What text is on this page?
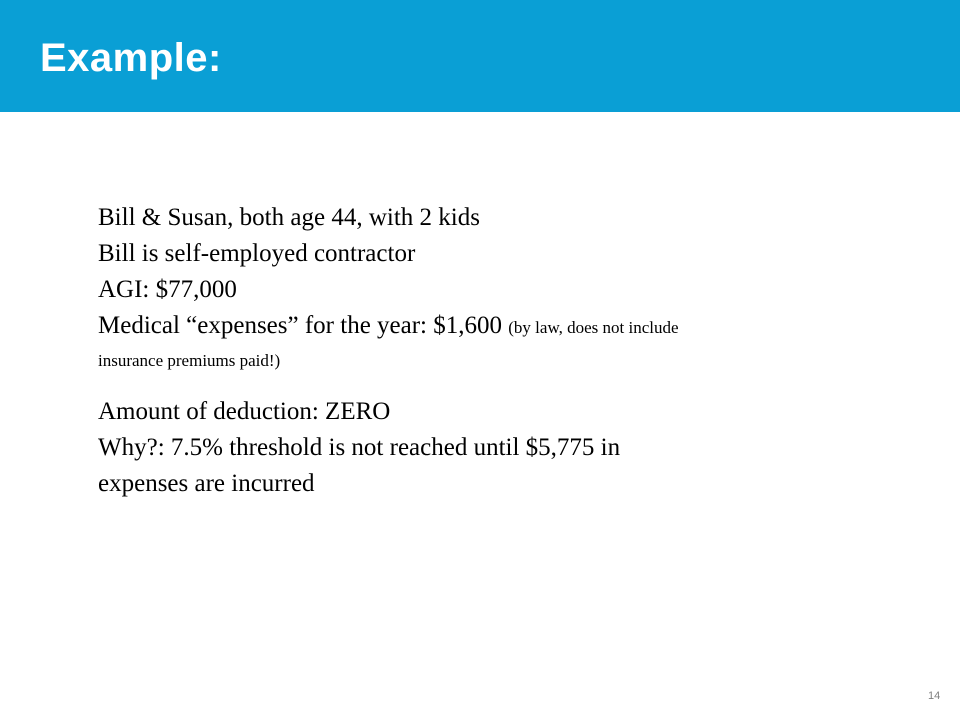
Example:
Bill & Susan, both age 44, with 2 kids
Bill is self-employed contractor
AGI: $77,000
Medical “expenses” for the year: $1,600 (by law, does not include
insurance premiums paid!)
Amount of deduction: ZERO
Why?: 7.5% threshold is not reached until $5,775 in
expenses are incurred
14
